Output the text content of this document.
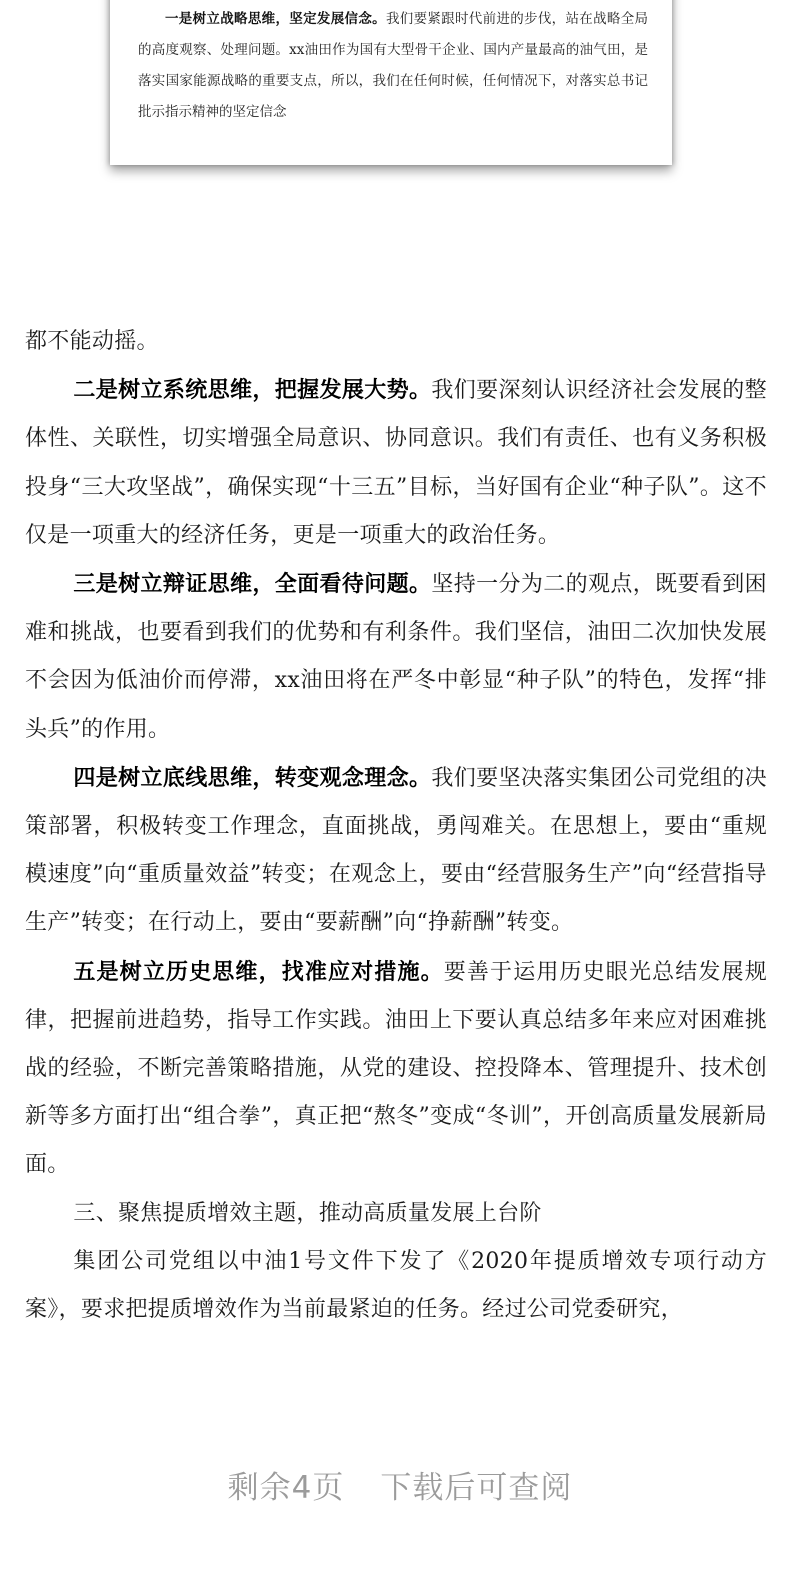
一是树立战略思维，坚定发展信念。我们要紧跟时代前进的步伐，站在战略全局的高度观察、处理问题。xx油田作为国有大型骨干企业、国内产量最高的油气田，是落实国家能源战略的重要支点，所以，我们在任何时候，任何情况下，对落实总书记批示指示精神的坚定信念

都不能动摇。

二是树立系统思维，把握发展大势。我们要深刻认识经济社会发展的整体性、关联性，切实增强全局意识、协同意识。我们有责任、也有义务积极投身“三大攻坚战”，确保实现“十三五”目标，当好国有企业“种子队”。这不仅是一项重大的经济任务，更是一项重大的政治任务。

三是树立辩证思维，全面看待问题。坚持一分为二的观点，既要看到困难和挑战，也要看到我们的优势和有利条件。我们坚信，油田二次加快发展不会因为低油价而停滞，xx油田将在严冬中彰显“种子队”的特色，发挥“排头兵”的作用。

四是树立底线思维，转变观念理念。我们要坚决落实集团公司党组的决策部署，积极转变工作理念，直面挑战，勇闯难关。在思想上，要由“重规模速度”向“重质量效益”转变；在观念上，要由“经营服务生产”向“经营指导生产”转变；在行动上，要由“要薪酬”向“挣薪酬”转变。

五是树立历史思维，找准应对措施。要善于运用历史眼光总结发展规律，把握前进趋势，指导工作实践。油田上下要认真总结多年来应对困难挑战的经验，不断完善策略措施，从党的建设、控投降本、管理提升、技术创新等多方面打出“组合拳”，真正把“熬冬”变成“冬训”，开创高质量发展新局面。

三、聚焦提质增效主题，推动高质量发展上台阶

集团公司党组以中油1号文件下发了《2020年提质增效专项行动方案》，要求把提质增效作为当前最紧迫的任务。经过公司党委研究，

剩余4页 下载后可查阅
